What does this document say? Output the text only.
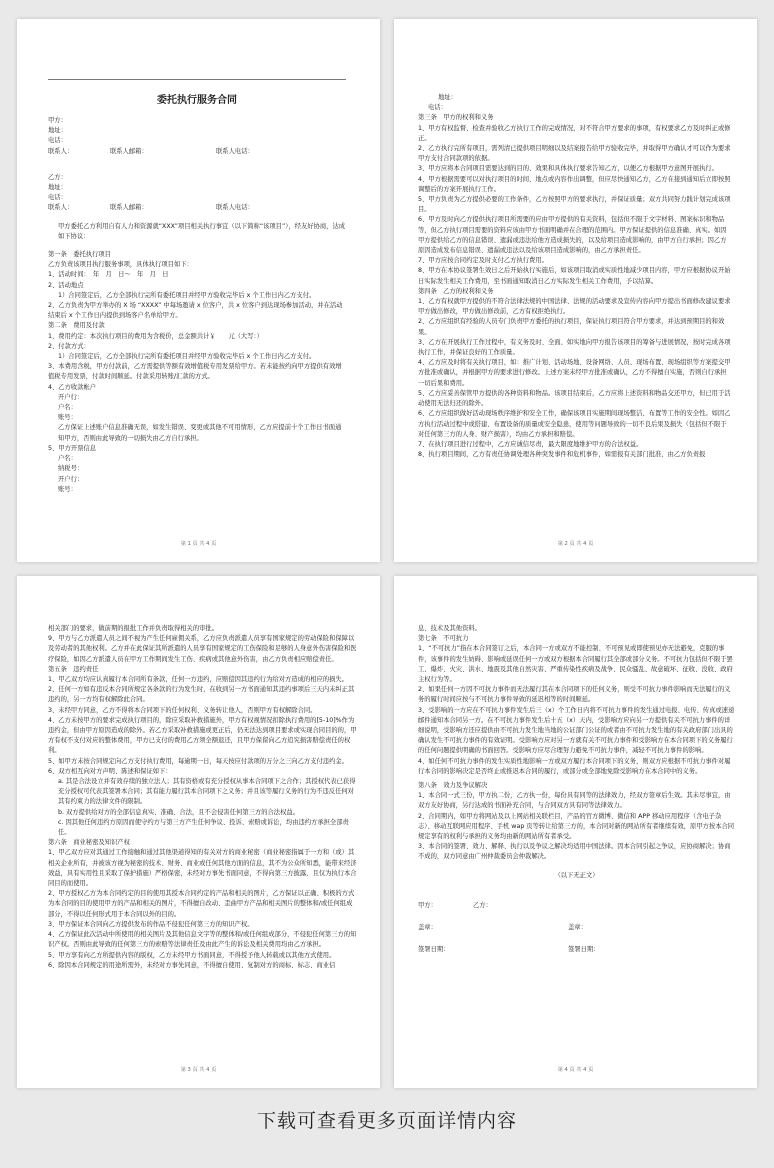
委托执行服务合同
甲方：
地址：
电话：
联系人：	联系人邮箱：	联系人电话：
乙方：
地址：
电话：
联系人：	联系人邮箱：	联系人电话：

甲方委托乙方利用自有人力和资源就“XXX”项目相关执行事宜（以下简称“该项目”），经友好协商，达成如下协议：

第一条　委托执行项目
乙方负责该项目执行服务事项，具体执行项目如下：
1、活动时间：　年　月　日～　年　月　日
2、活动地点
1）合同签定后，乙方全部执行完所有委托项目并经甲方验收完毕后 x 个工作日内乙方支付。
2、乙方负责为甲方举办的 X 场 “XXXX” 中每场邀请 x 位客户，共 x 位客户到达现场参加活动，并在活动结束后 x 个工作日内提供到场客户名单给甲方。
第二条　费用及付款
1、费用约定：本次执行项目的费用为含税价，总金额共计￥　　元（大写：）
2、付款方式：
1）合同签定后，乙方全部执行完所有委托项目并经甲方验收完毕后 x 个工作日内乙方支付。
3、本费用含税，甲方付款前，乙方需提供等额有效增值税专用发票给甲方。若未能按约向甲方提供有效增值税专用发票，付款时间顺延。付款采用转账/汇款的方式。
4、乙方收款帐户
开户行：
户名：
账号：
乙方保证上述账户信息准确无误，如发生错误、变更或其他不可用情形，乙方应提前十个工作日书面通知甲方，否则由此导致的一切损失由乙方自行承担。
5、甲方开票信息
户名：
纳税号：
开户行：
账号：
第 1 页 共 4 页
地址：
电话：
第三条　甲方的权利和义务
1、甲方有权监督、检查并验收乙方执行工作的完成情况，对不符合甲方要求的事项，有权要求乙方及时纠正或修正。
2、乙方执行完所有项目，需列清已提供项目明细以及结案报告给甲方验收完毕，并取得甲方确认才可以作为要求甲方支付合同款项的依据。
3、甲方应将本合同项目需要达到的目的、效果和具体执行要求告知乙方，以便乙方根据甲方意图开展执行。
4、甲方根据需要可以对执行项目的时间、地点或内容作出调整，但应尽快通知乙方，乙方在接到通知后立即按照调整后的方案开展执行工作。
5、甲方负责为乙方提供必要的工作条件，乙方按照甲方的要求执行，并保证质量；双方共同努力践计划完成该项目。
6、甲方及时向乙方提供执行项目所需要的应由甲方提供的有关资料，包括但不限于文字材料、图案标识和物品等，但乙方执行项目需要的资料应该由甲方书面明确并在合理的范围内。甲方保证提供的信息准确、真实。如因甲方提供给乙方的信息错误、遗漏或违法给他方造成损失的，以及给项目造成影响的，由甲方自行承担；因乙方原因造成发布信息错误、遗漏或违法以及给该项目造成影响的，由乙方承担责任。
7、甲方应按合同约定及时支付乙方执行费用。
8、甲方在本协议签署生效日之后开始执行实施后，如该项目取消或实质性地减少项目内容，甲方应根据协议开始日实际发生相关工作费用，至书面通知取消日乙方实际发生相关工作费用，予以结算。
第四条　乙方的权利和义务
1、乙方有权就甲方提供的不符合法律法规的中国法律、法规的活动要求及宣传内容向甲方提出书面修改建议要求甲方做出修改，甲方做出修改前，乙方有权拒绝执行。
2、乙方应组织有经验的人员专门负责甲方委托的执行项目，保证执行项目符合甲方要求，并达到预期目的和效果。
3、乙方在开展执行工作过程中，有义务及时、全面、如实地向甲方报告该项目的筹备与进展情况，按时完成各项执行工作，并保证良好的工作质量。
4、乙方应及时将有关执行项目，如：推广计划、活动场地、设备网络、人员、现场布置、现场组织等方案提交甲方批准或确认，并根据甲方的要求进行修改。上述方案未经甲方批准或确认，乙方不得擅自实施，否则自行承担一切后果和费用。
5、乙方应妥善保管甲方提供的各种资料和物品。该项目结束后，乙方应将上述资料和物品交还甲方，但已用于活动使用无法归还的除外。
6、乙方应组织做好活动现场秩序维护和安全工作，确保该项目实施期间现场整洁、布置等工作的安全性。如因乙方执行活动过程中或搭建、布置设备的质量或安全隐患，使用等问题导致的一切不良后果及损失（包括但不限于对任何第三方的人身、财产损害），均由乙方承担和赔偿。
7、在执行项目进行过程中，乙方应诚信尽责，最大限度地维护甲方的合法权益。
8、执行项目期间，乙方有责任协调处理各种突发事件和危机事件，如需报有关部门批准，由乙方负责报
第 2 页 共 4 页
相关部门的要求，做前期的报批工作并负责取得相关的审批。
9、甲方与乙方派遣人员之间不视为产生任何雇佣关系，乙方应负责派遣人员享有国家规定的劳动保险和保障以及劳动者的其他权利。乙方并在此保证其所派遣的人员享有国家规定的工伤保险和足够的人身意外伤害保险和医疗保险，如因乙方派遣人员在甲方工作期间发生工伤、疾病或其他意外伤害，由乙方负责相应赔偿责任。
第五条　违约责任
1、甲乙双方均应认真履行本合同所有条款，任何一方违约，应赔偿因其违约行为给对方造成的相应的损失。
2、任何一方如有违反本合同所规定各条款的行为发生时，在收到另一方书面通知其违约事项后三天内未纠正其违约的，另一方均有权解除此合同。
3、未经甲方同意，乙方不得将本合同项下的任何权利、义务转让他人，否则甲方有权解除合同。
4、乙方未按甲方的要求完成执行项目的，除应采取补救措施外，甲方有权视情况扣除执行费用的[5-10]%作为违约金，但由甲方原因造成的除外。若乙方采取补救措施或更正后，仍无法达到项目要求或实现合同目的的，甲方有权不支付对应的整体费用，甲方已支付的费用乙方须全额退还，且甲方保留向乙方追究损害赔偿责任的权利。
5、如甲方未按合同规定向乙方支付执行费用，每逾期一日，每天按应付款项的万分之三向乙方支付违约金。
6、双方相互向对方声明、陈述和保证如下：
a. 其是合法设立并有效存续的独立法人；其有资格或有充分授权从事本合同项下之合作；其授权代表已获得充分授权可代表其签署本合同；其有能力履行其本合同项下之义务；并且该等履行义务的行为不违反任何对其有约束力的法律文件的限制。
b. 双方提供给对方的全部信息真实、准确、合法，且不会侵害任何第三方的合法权益。
c. 因其他任何违约方原因而使守约方与第三方产生任何争议、投诉、索赔或诉讼，均由违约方承担全部责任。
第六条　商业秘密及知识产权
1、甲乙双方应对其通过工作接触和通过其他渠道得知的有关对方的商业秘密（商业秘密指属于一方和（或）其相关企业所有，并被该方视为秘密的技术、财务、商业或任何其他方面的信息，其不为公众所知悉，能带来经济效益，具有实用性且采取了保护措施）严格保密，未经对方事先书面同意，不得向第三方披露，且仅为执行本合同目的而使用。
2、甲方授权乙方为本合同约定的目的使用其授本合同约定的产品和相关的图片，乙方保证以正确、积极的方式为本合同的目的使用甲方的产品和相关的图片，不得擅自改动、歪曲甲方产品和相关图片的整体和/或任何组成部分，不得以任何形式用于本合同以外的目的。
3、甲方保证本合同向乙方提供发布的作品不侵犯任何第三方的知识产权。
4、乙方保证此次活动中所使用的相关图片及其他信息文字等的整体和/或任何组成部分，不侵犯任何第三方的知识产权。否则由此导致的任何第三方的索赔等法律责任及由此产生的诉讼及相关费用均由乙方承担。
5、甲方享有向乙方所提供内容的版权，乙方未经甲方书面同意，不得授予他人转载或以其他方式使用。
6、除因本合同规定的用途所需外，未经对方事先同意，不得擅自使用、复制对方的商标、标志、商业信
第 3 页 共 4 页
息、技术及其他资料。
第七条　不可抗力
1、“不可抗力”指在本合同签订之后，本合同一方或双方不能控制、不可预见或即使预见亦无法避免，克服的事件，该事件的发生妨碍、影响或延误任何一方或双方根据本合同履行其全部或部分义务。不可抗力包括但不限于罢工、爆炸、火灾、洪水、地震及其他自然灾害、严重传染性疾病及战争、民众骚乱、故意破坏、征收、没收、政府主权行为等。
2、如果任何一方因不可抗力事件而无法履行其在本合同项下的任何义务，则受不可抗力事件影响而无法履行的义务的履行时间应按与不可抗力事件导致的延迟相等的时间顺延。
3、受影响的一方应在不可抗力事件发生后三（x）个工作日内将不可抗力事件的发生通过电报、电传、传真或速递邮件通知本合同另一方。在不可抗力事件发生后十五（x）天内，受影响方应向另一方提供有关不可抗力事件的详细说明，受影响方还应提供由不可抗力发生地当地的公证部门公证的或者由不可抗力发生地的有关政府部门出具的确认发生不可抗力事件的有效证明。受影响方应对另一方就有关不可抗力事件和受影响方在本合同项下的义务履行的任何问题提供明确的书面回答。受影响方应尽合理努力避免不可抗力事件，减轻不可抗力事件的影响。
4、如任何不可抗力事件的发生实质性地影响一方或双方履行本合同项下的义务，则双方应根据不可抗力事件对履行本合同的影响决定是否终止或推迟本合同的履行，或部分或全部地免除受影响方在本合同中的义务。
第八条　效力及争议解决
1、本合同一式三份，甲方执二份，乙方执一份，每份具有同等的法律效力，经双方签章后生效。其未尽事宜，由双方友好协商，另行达成的书面补充合同，与合同双方具有同等法律效力。
2、合同期内，如甲方将网站及以上网站相关联栏目，产品的官方微博、微信和 APP 移动应用程序（含电子杂志）、移动互联网应用程序、手机 wap 页等转让给第三方的，本合同对新的网站所有者继续有效，原甲方按本合同规定享有的权利与承担的义务均由新的网站所有者承受。
3、本合同的签署、效力、解释、执行以及争议之解决均适用中国法律。因本合同引起之争议，应协商解决；协商不成的，双方同意由广州仲裁委员会仲裁解决。
（以下无正文）
甲方：	乙方：
盖章：	盖章：
签署日期：	签署日期：
第 4 页 共 4 页
下载可查看更多页面详情内容
